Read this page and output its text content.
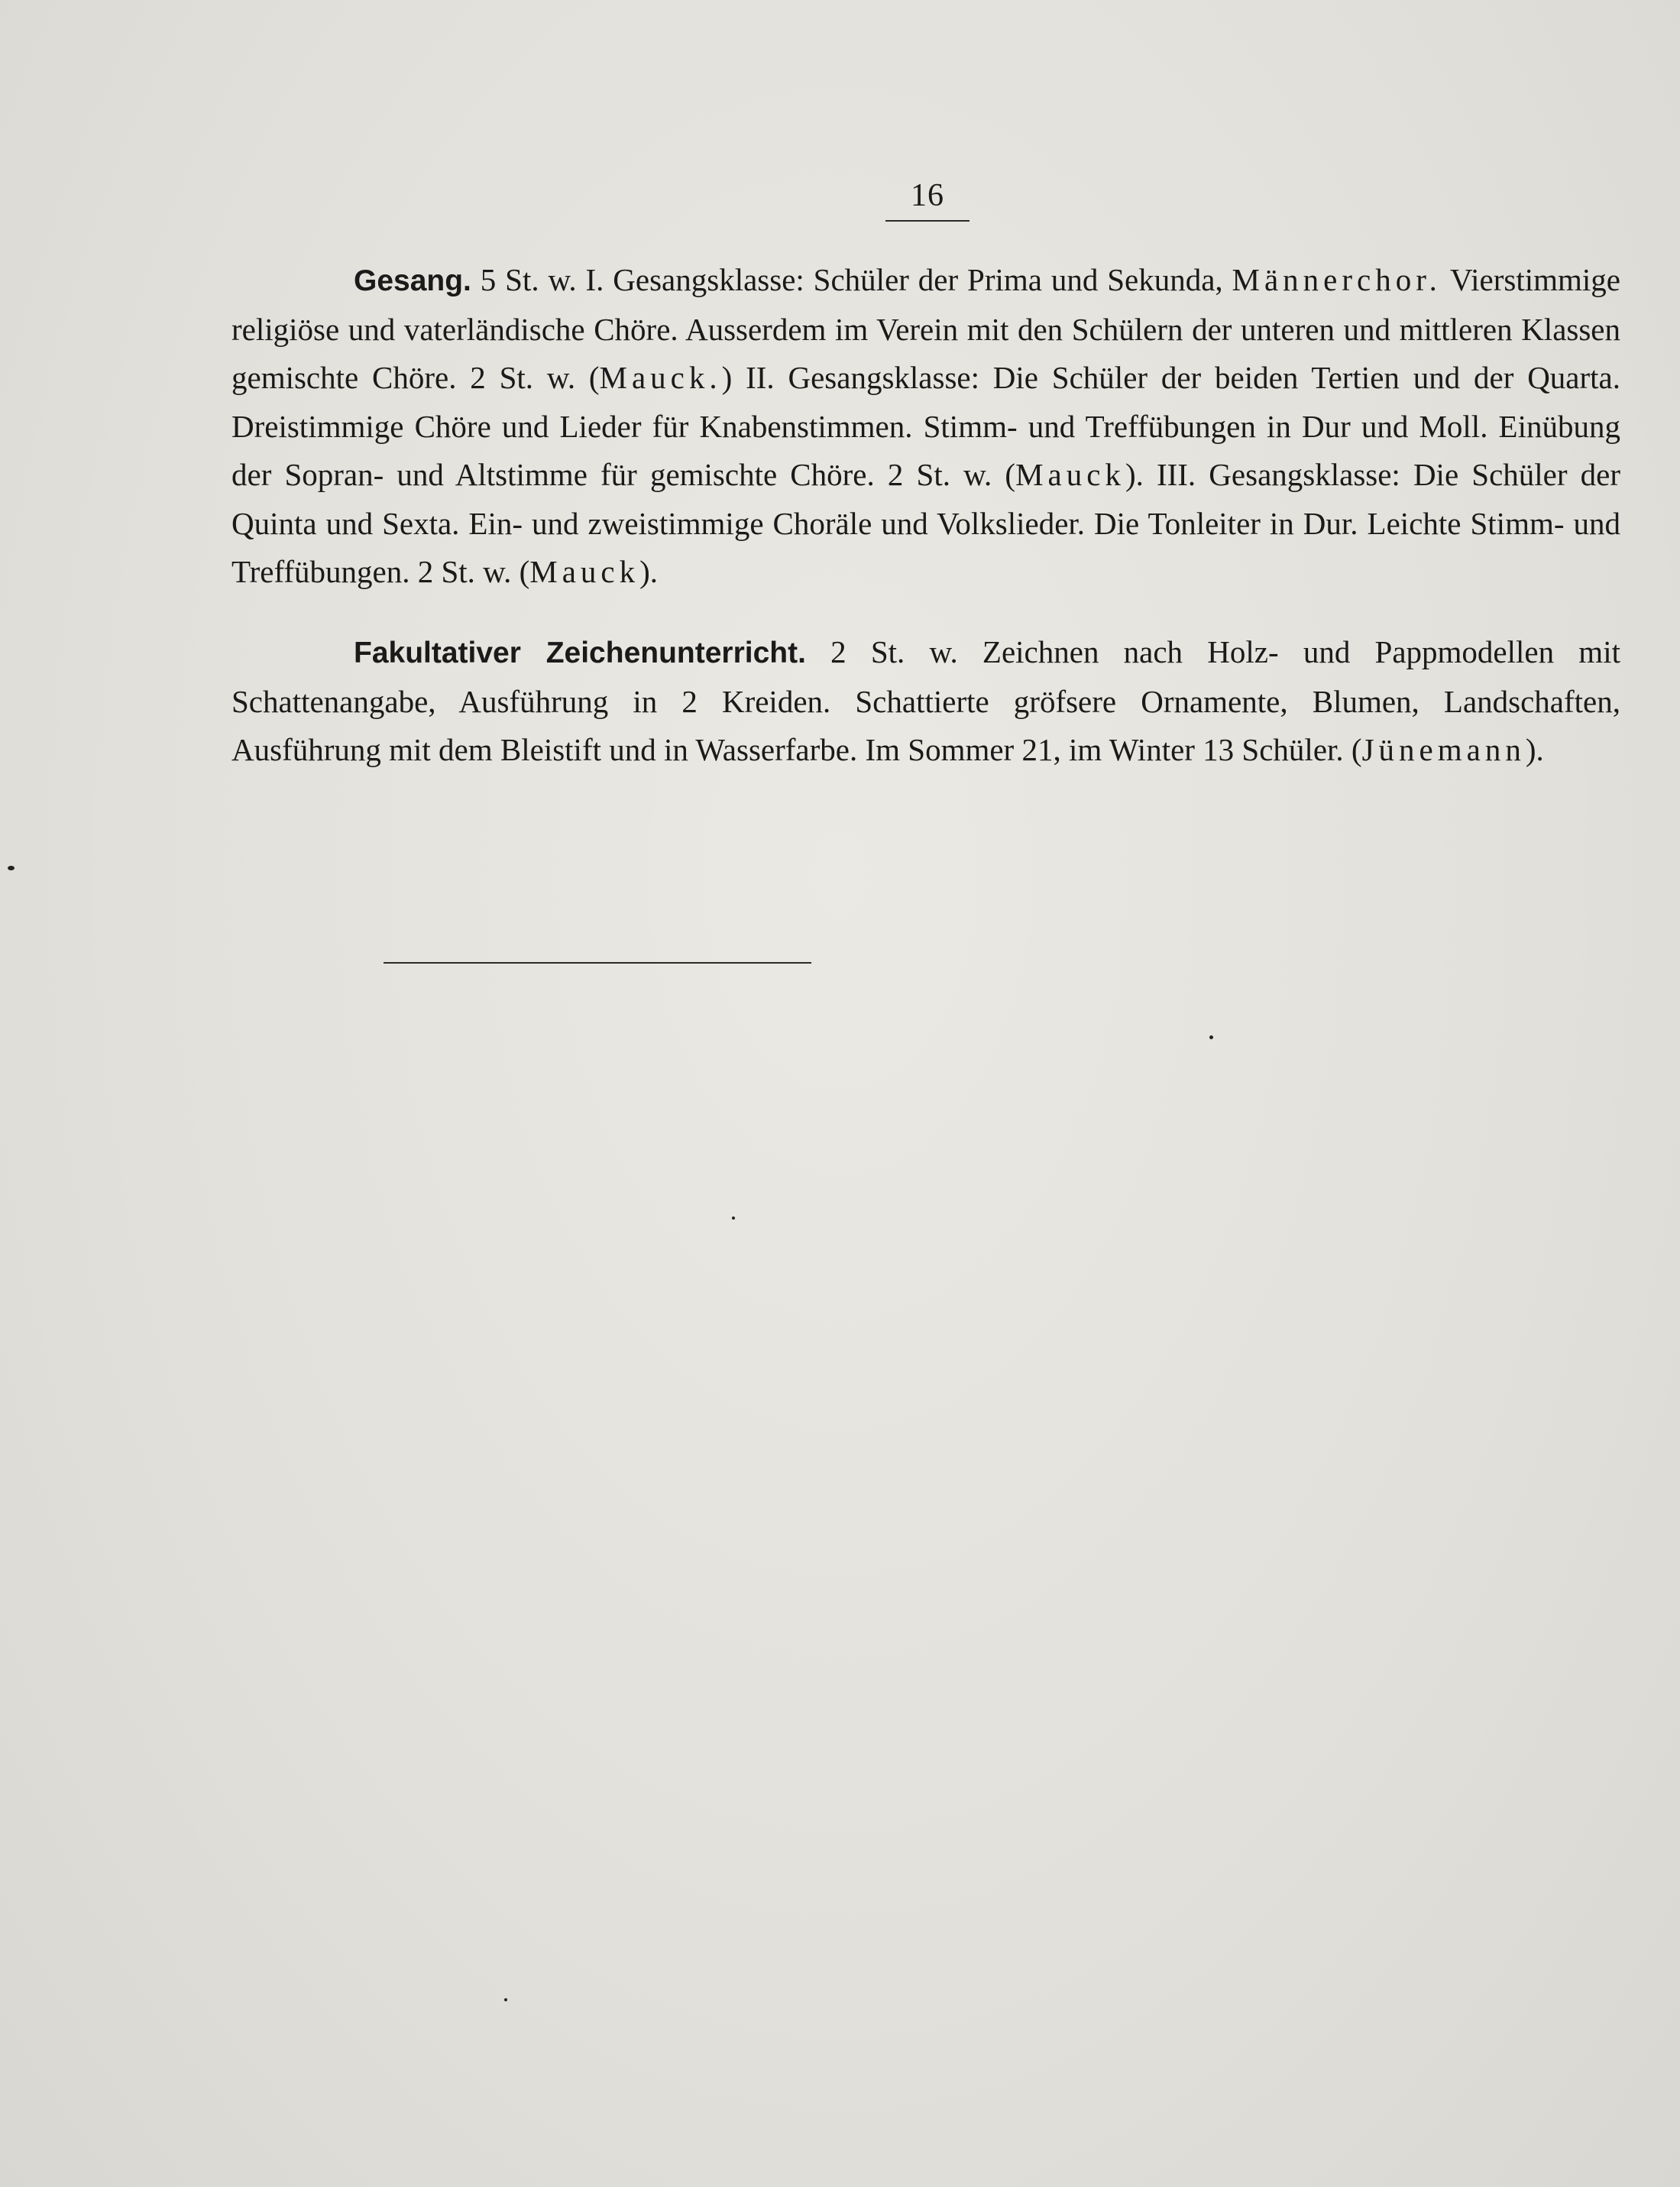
16

Gesang. 5 St. w. I. Gesangsklasse: Schüler der Prima und Sekunda, Männerchor. Vierstimmige religiöse und vaterländische Chöre. Ausserdem im Verein mit den Schülern der unteren und mittleren Klassen gemischte Chöre. 2 St. w. (Mauck.) II. Gesangsklasse: Die Schüler der beiden Tertien und der Quarta. Dreistimmige Chöre und Lieder für Knabenstimmen. Stimm- und Treffübungen in Dur und Moll. Einübung der Sopran- und Altstimme für gemischte Chöre. 2 St. w. (Mauck). III. Gesangsklasse: Die Schüler der Quinta und Sexta. Ein- und zweistimmige Choräle und Volkslieder. Die Tonleiter in Dur. Leichte Stimm- und Treffübungen. 2 St. w. (Mauck).

Fakultativer Zeichenunterricht. 2 St. w. Zeichnen nach Holz- und Pappmodellen mit Schattenangabe, Ausführung in 2 Kreiden. Schattierte gröfsere Ornamente, Blumen, Landschaften, Ausführung mit dem Bleistift und in Wasserfarbe. Im Sommer 21, im Winter 13 Schüler. (Jünemann).
